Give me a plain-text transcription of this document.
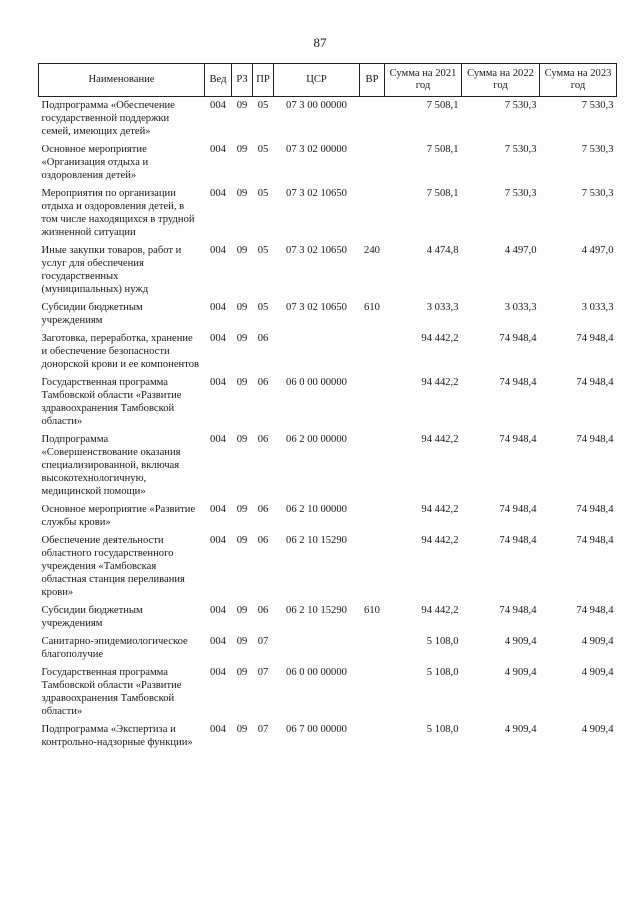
87
Наименование	Вед	РЗ	ПР	ЦСР	ВР	Сумма на 2021 год	Сумма на 2022 год	Сумма на 2023 год
Подпрограмма «Обеспечение государственной поддержки семей, имеющих детей»	004	09	05	07 3 00 00000		7 508,1	7 530,3	7 530,3
Основное мероприятие «Организация отдыха и оздоровления детей»	004	09	05	07 3 02 00000		7 508,1	7 530,3	7 530,3
Мероприятия по организации отдыха и оздоровления детей, в том числе находящихся в трудной жизненной ситуации	004	09	05	07 3 02 10650		7 508,1	7 530,3	7 530,3
Иные закупки товаров, работ и услуг для обеспечения государственных (муниципальных) нужд	004	09	05	07 3 02 10650	240	4 474,8	4 497,0	4 497,0
Субсидии бюджетным учреждениям	004	09	05	07 3 02 10650	610	3 033,3	3 033,3	3 033,3
Заготовка, переработка, хранение и обеспечение безопасности донорской крови и ее компонентов	004	09	06			94 442,2	74 948,4	74 948,4
Государственная программа Тамбовской области «Развитие здравоохранения Тамбовской области»	004	09	06	06 0 00 00000		94 442,2	74 948,4	74 948,4
Подпрограмма «Совершенствование оказания специализированной, включая высокотехнологичную, медицинской помощи»	004	09	06	06 2 00 00000		94 442,2	74 948,4	74 948,4
Основное мероприятие «Развитие службы крови»	004	09	06	06 2 10 00000		94 442,2	74 948,4	74 948,4
Обеспечение деятельности областного государственного учреждения «Тамбовская областная станция переливания крови»	004	09	06	06 2 10 15290		94 442,2	74 948,4	74 948,4
Субсидии бюджетным учреждениям	004	09	06	06 2 10 15290	610	94 442,2	74 948,4	74 948,4
Санитарно-эпидемиологическое благополучие	004	09	07			5 108,0	4 909,4	4 909,4
Государственная программа Тамбовской области «Развитие здравоохранения Тамбовской области»	004	09	07	06 0 00 00000		5 108,0	4 909,4	4 909,4
Подпрограмма «Экспертиза и контрольно-надзорные функции»	004	09	07	06 7 00 00000		5 108,0	4 909,4	4 909,4
